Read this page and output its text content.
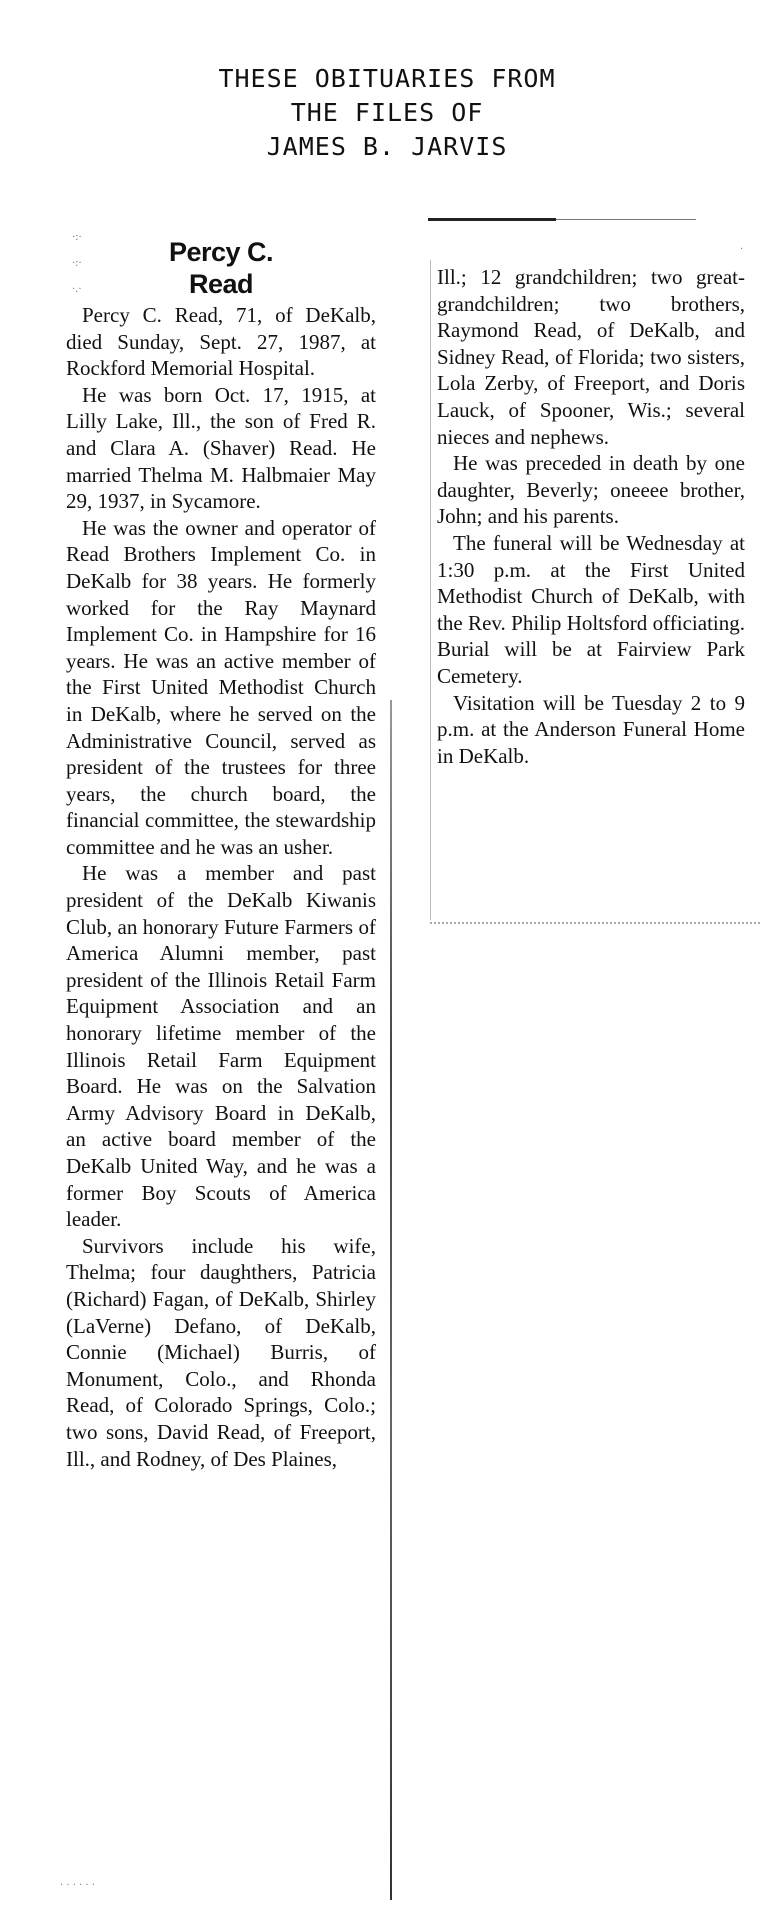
THESE OBITUARIES FROM
THE FILES OF
JAMES B. JARVIS
Percy C.
Read

Percy C. Read, 71, of DeKalb, died Sunday, Sept. 27, 1987, at Rockford Memorial Hospital.

He was born Oct. 17, 1915, at Lilly Lake, Ill., the son of Fred R. and Clara A. (Shaver) Read. He married Thelma M. Halbmaier May 29, 1937, in Sycamore.

He was the owner and operator of Read Brothers Implement Co. in DeKalb for 38 years. He formerly worked for the Ray Maynard Implement Co. in Hampshire for 16 years. He was an active member of the First United Methodist Church in DeKalb, where he served on the Administrative Council, served as president of the trustees for three years, the church board, the financial committee, the stewardship committee and he was an usher.

He was a member and past president of the DeKalb Kiwanis Club, an honorary Future Farmers of America Alumni member, past president of the Illinois Retail Farm Equipment Association and an honorary lifetime member of the Illinois Retail Farm Equipment Board. He was on the Salvation Army Advisory Board in DeKalb, an active board member of the DeKalb United Way, and he was a former Boy Scouts of America leader.

Survivors include his wife, Thelma; four daughthers, Patricia (Richard) Fagan, of DeKalb, Shirley (LaVerne) Defano, of DeKalb, Connie (Michael) Burris, of Monument, Colo., and Rhonda Read, of Colorado Springs, Colo.; two sons, David Read, of Freeport, Ill., and Rodney, of Des Plaines,

Ill.; 12 grandchildren; two great-grandchildren; two brothers, Raymond Read, of DeKalb, and Sidney Read, of Florida; two sisters, Lola Zerby, of Freeport, and Doris Lauck, of Spooner, Wis.; several nieces and nephews.

He was preceded in death by one daughter, Beverly; oneeee brother, John; and his parents.

The funeral will be Wednesday at 1:30 p.m. at the First United Methodist Church of DeKalb, with the Rev. Philip Holtsford officiating. Burial will be at Fairview Park Cemetery.

Visitation will be Tuesday 2 to 9 p.m. at the Anderson Funeral Home in DeKalb.

·:·
·:·
·.·
·
· · · · · ·
